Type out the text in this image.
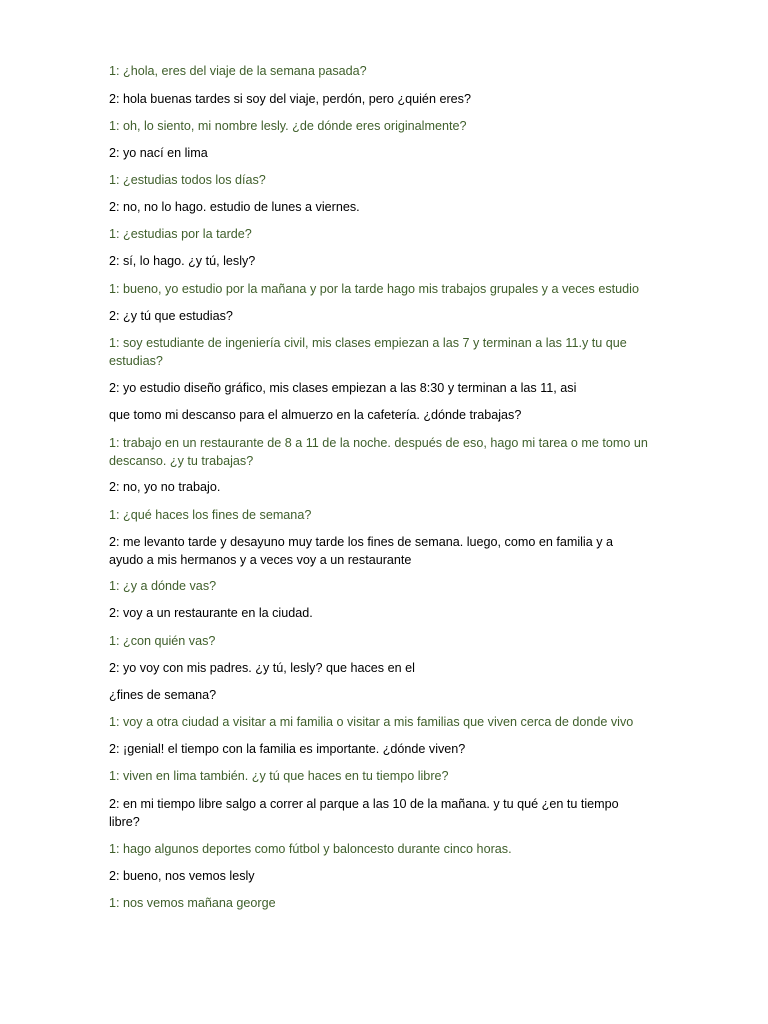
1: ¿hola, eres del viaje de la semana pasada?
2: hola buenas tardes si soy del viaje, perdón, pero ¿quién eres?
1: oh, lo siento, mi nombre lesly. ¿de dónde eres originalmente?
2: yo nací en lima
1: ¿estudias todos los días?
2: no, no lo hago. estudio de lunes a viernes.
1: ¿estudias por la tarde?
2: sí, lo hago. ¿y tú, lesly?
1: bueno, yo estudio por la mañana y por la tarde hago mis trabajos grupales y a veces estudio
2: ¿y tú que estudias?
1: soy estudiante de ingeniería civil, mis clases empiezan a las 7 y terminan a las 11.y tu que estudias?
2: yo estudio diseño gráfico, mis clases empiezan a las 8:30 y terminan a las 11, asi
que tomo mi descanso para el almuerzo en la cafetería. ¿dónde trabajas?
1: trabajo en un restaurante de 8 a 11 de la noche. después de eso, hago mi tarea o me tomo un descanso. ¿y tu trabajas?
2: no, yo no trabajo.
1: ¿qué haces los fines de semana?
2: me levanto tarde y desayuno muy tarde los fines de semana. luego, como en familia y a ayudo a mis hermanos y a veces voy a un restaurante
1: ¿y a dónde vas?
2: voy a un restaurante en la ciudad.
1: ¿con quién vas?
2: yo voy con mis padres. ¿y tú, lesly? que haces en el
¿fines de semana?
1: voy a otra ciudad a visitar a mi familia o visitar a mis familias que viven cerca de donde vivo
2: ¡genial! el tiempo con la familia es importante. ¿dónde viven?
1: viven en lima también. ¿y tú que haces en tu tiempo libre?
2: en mi tiempo libre salgo a correr al parque a las 10 de la mañana. y tu qué ¿en tu tiempo libre?
1: hago algunos deportes como fútbol y baloncesto durante cinco horas.
2: bueno, nos vemos lesly
1: nos vemos mañana george
